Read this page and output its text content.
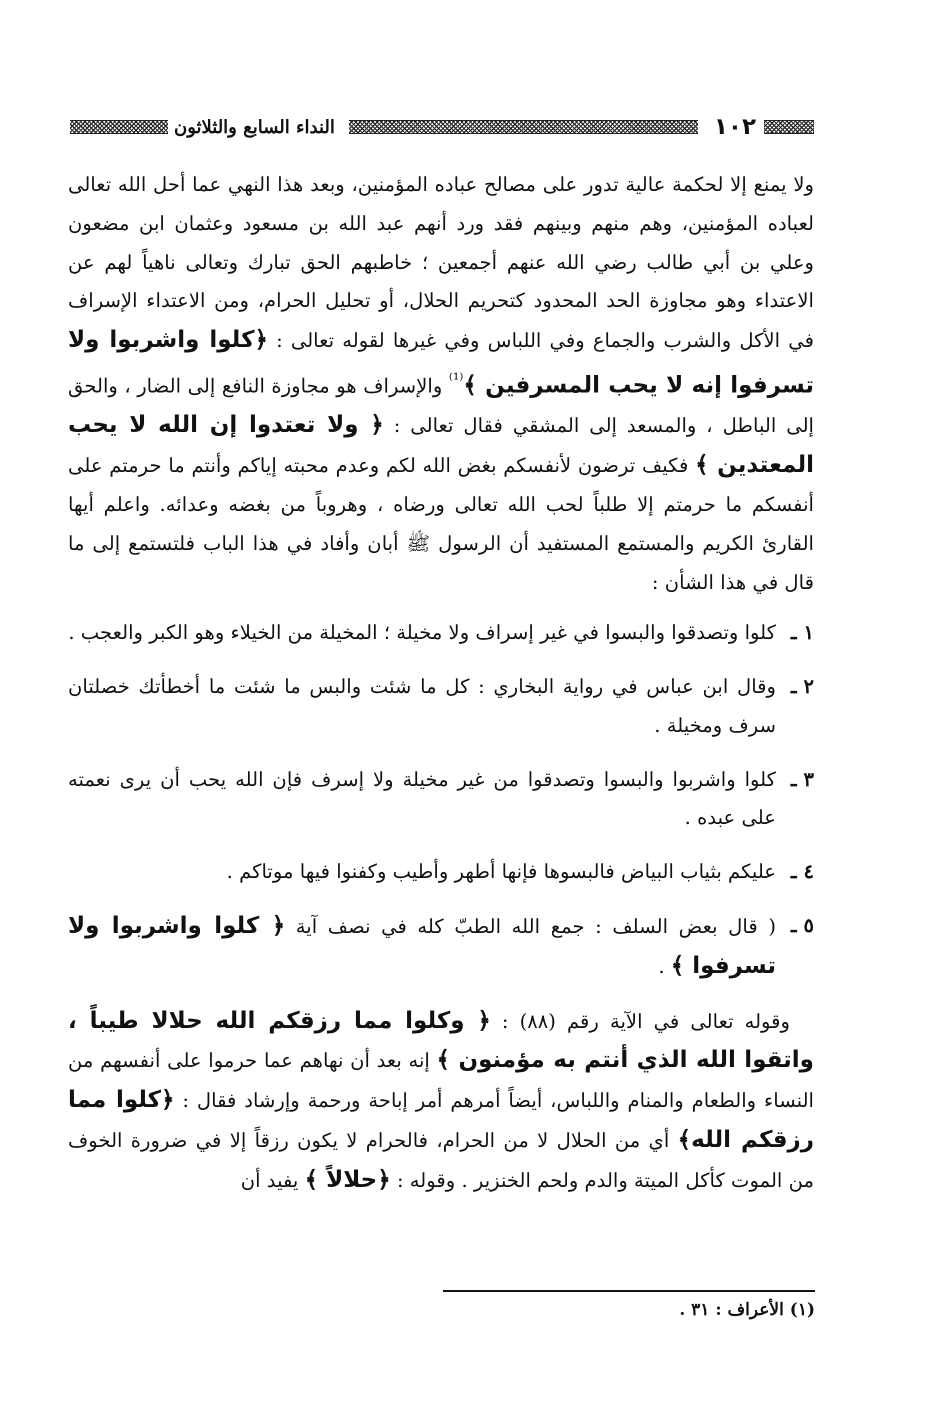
١٠٢
النداء السابع والثلاثون

ولا يمنع إلا لحكمة عالية تدور على مصالح عباده المؤمنين، وبعد هذا النهي عما أحل الله تعالى لعباده المؤمنين، وهم منهم وبينهم فقد ورد أنهم عبد الله بن مسعود وعثمان ابن مضعون وعلي بن أبي طالب رضي الله عنهم أجمعين ؛ خاطبهم الحق تبارك وتعالى ناهياً لهم عن الاعتداء وهو مجاوزة الحد المحدود كتحريم الحلال، أو تحليل الحرام، ومن الاعتداء الإسراف في الأكل والشرب والجماع وفي اللباس وفي غيرها لقوله تعالى : ﴿كلوا واشربوا ولا تسرفوا إنه لا يحب المسرفين ﴾$^{^{(1)}}$ والإسراف هو مجاوزة النافع إلى الضار ، والحق إلى الباطل ، والمسعد إلى المشقي فقال تعالى : ﴿ ولا تعتدوا إن الله لا يحب المعتدين ﴾ فكيف ترضون لأنفسكم بغض الله لكم وعدم محبته إياكم وأنتم ما حرمتم على أنفسكم ما حرمتم إلا طلباً لحب الله تعالى ورضاه ، وهروباً من بغضه وعدائه. واعلم أيها القارئ الكريم والمستمع المستفيد أن الرسول ﷺ أبان وأفاد في هذا الباب فلتستمع إلى ما قال في هذا الشأن :

١ ـ
كلوا وتصدقوا والبسوا في غير إسراف ولا مخيلة ؛ المخيلة من الخيلاء وهو الكبر والعجب .
٢ ـ
وقال ابن عباس في رواية البخاري : كل ما شئت والبس ما شئت ما أخطأتك خصلتان سرف ومخيلة .
٣ ـ
كلوا واشربوا والبسوا وتصدقوا من غير مخيلة ولا إسرف فإن الله يحب أن يرى نعمته على عبده .
٤ ـ
عليكم بثياب البياض فالبسوها فإنها أطهر وأطيب وكفنوا فيها موتاكم .
٥ ـ
( قال بعض السلف : جمع الله الطبّ كله في نصف آية ﴿ كلوا واشربوا ولا تسرفوا ﴾ .

وقوله تعالى في الآية رقم (٨٨) : ﴿ وكلوا مما رزقكم الله حلالا طيباً ، واتقوا الله الذي أنتم به مؤمنون ﴾ إنه بعد أن نهاهم عما حرموا على أنفسهم من النساء والطعام والمنام واللباس، أيضاً أمرهم أمر إباحة ورحمة وإرشاد فقال : ﴿كلوا مما رزقكم الله﴾ أي من الحلال لا من الحرام، فالحرام لا يكون رزقاً إلا في ضرورة الخوف من الموت كأكل الميتة والدم ولحم الخنزير . وقوله : ﴿حلالاً ﴾ يفيد أن

(١) الأعراف : ٣١ .
